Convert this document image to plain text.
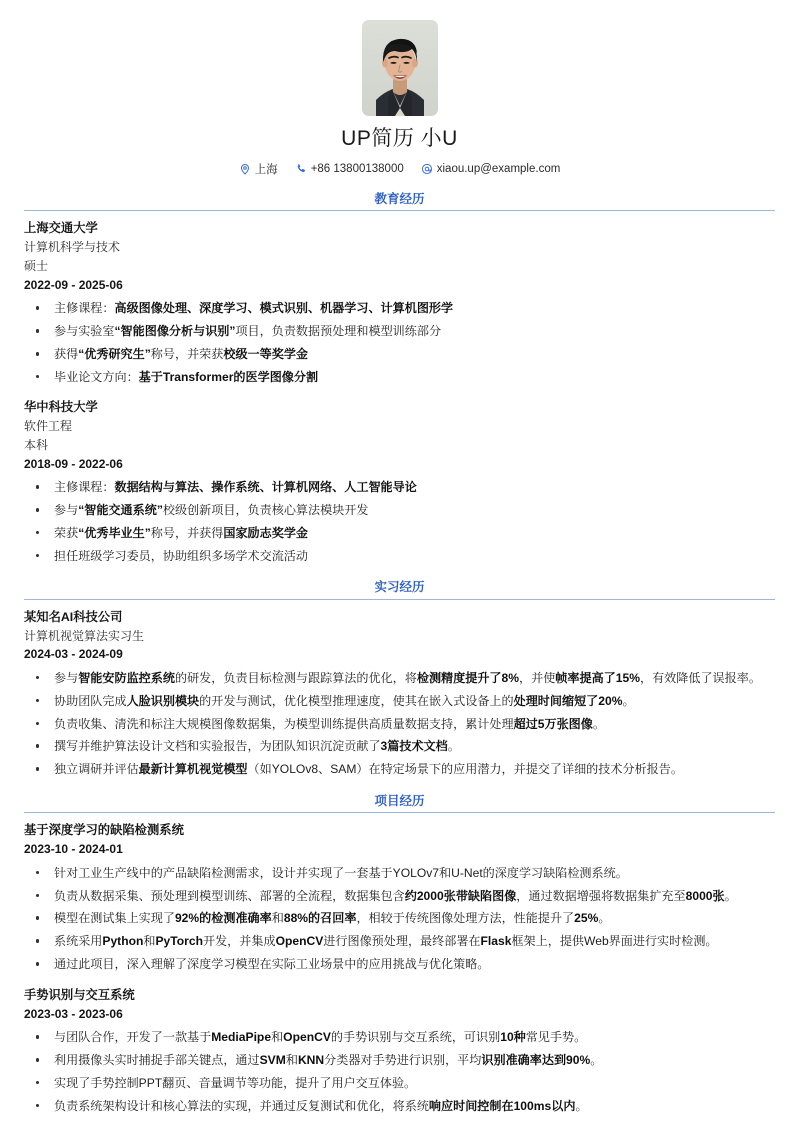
UP简历 小U
上海	+86 13800138000	xiaou.up@example.com
教育经历
上海交通大学
计算机科学与技术
硕士
2022-09 - 2025-06
主修课程：高级图像处理、深度学习、模式识别、机器学习、计算机图形学
参与实验室“智能图像分析与识别”项目，负责数据预处理和模型训练部分
获得“优秀研究生”称号，并荣获校级一等奖学金
毕业论文方向：基于Transformer的医学图像分割
华中科技大学
软件工程
本科
2018-09 - 2022-06
主修课程：数据结构与算法、操作系统、计算机网络、人工智能导论
参与“智能交通系统”校级创新项目，负责核心算法模块开发
荣获“优秀毕业生”称号，并获得国家励志奖学金
担任班级学习委员，协助组织多场学术交流活动
实习经历
某知名AI科技公司
计算机视觉算法实习生
2024-03 - 2024-09
参与智能安防监控系统的研发，负责目标检测与跟踪算法的优化，将检测精度提升了8%，并使帧率提高了15%，有效降低了误报率。
协助团队完成人脸识别模块的开发与测试，优化模型推理速度，使其在嵌入式设备上的处理时间缩短了20%。
负责收集、清洗和标注大规模图像数据集，为模型训练提供高质量数据支持，累计处理超过5万张图像。
撰写并维护算法设计文档和实验报告，为团队知识沉淀贡献了3篇技术文档。
独立调研并评估最新计算机视觉模型（如YOLOv8、SAM）在特定场景下的应用潜力，并提交了详细的技术分析报告。
项目经历
基于深度学习的缺陷检测系统
2023-10 - 2024-01
针对工业生产线中的产品缺陷检测需求，设计并实现了一套基于YOLOv7和U-Net的深度学习缺陷检测系统。
负责从数据采集、预处理到模型训练、部署的全流程，数据集包含约2000张带缺陷图像，通过数据增强将数据集扩充至8000张。
模型在测试集上实现了92%的检测准确率和88%的召回率，相较于传统图像处理方法，性能提升了25%。
系统采用Python和PyTorch开发，并集成OpenCV进行图像预处理，最终部署在Flask框架上，提供Web界面进行实时检测。
通过此项目，深入理解了深度学习模型在实际工业场景中的应用挑战与优化策略。
手势识别与交互系统
2023-03 - 2023-06
与团队合作，开发了一款基于MediaPipe和OpenCV的手势识别与交互系统，可识别10种常见手势。
利用摄像头实时捕捉手部关键点，通过SVM和KNN分类器对手势进行识别，平均识别准确率达到90%。
实现了手势控制PPT翻页、音量调节等功能，提升了用户交互体验。
负责系统架构设计和核心算法的实现，并通过反复测试和优化，将系统响应时间控制在100ms以内。
